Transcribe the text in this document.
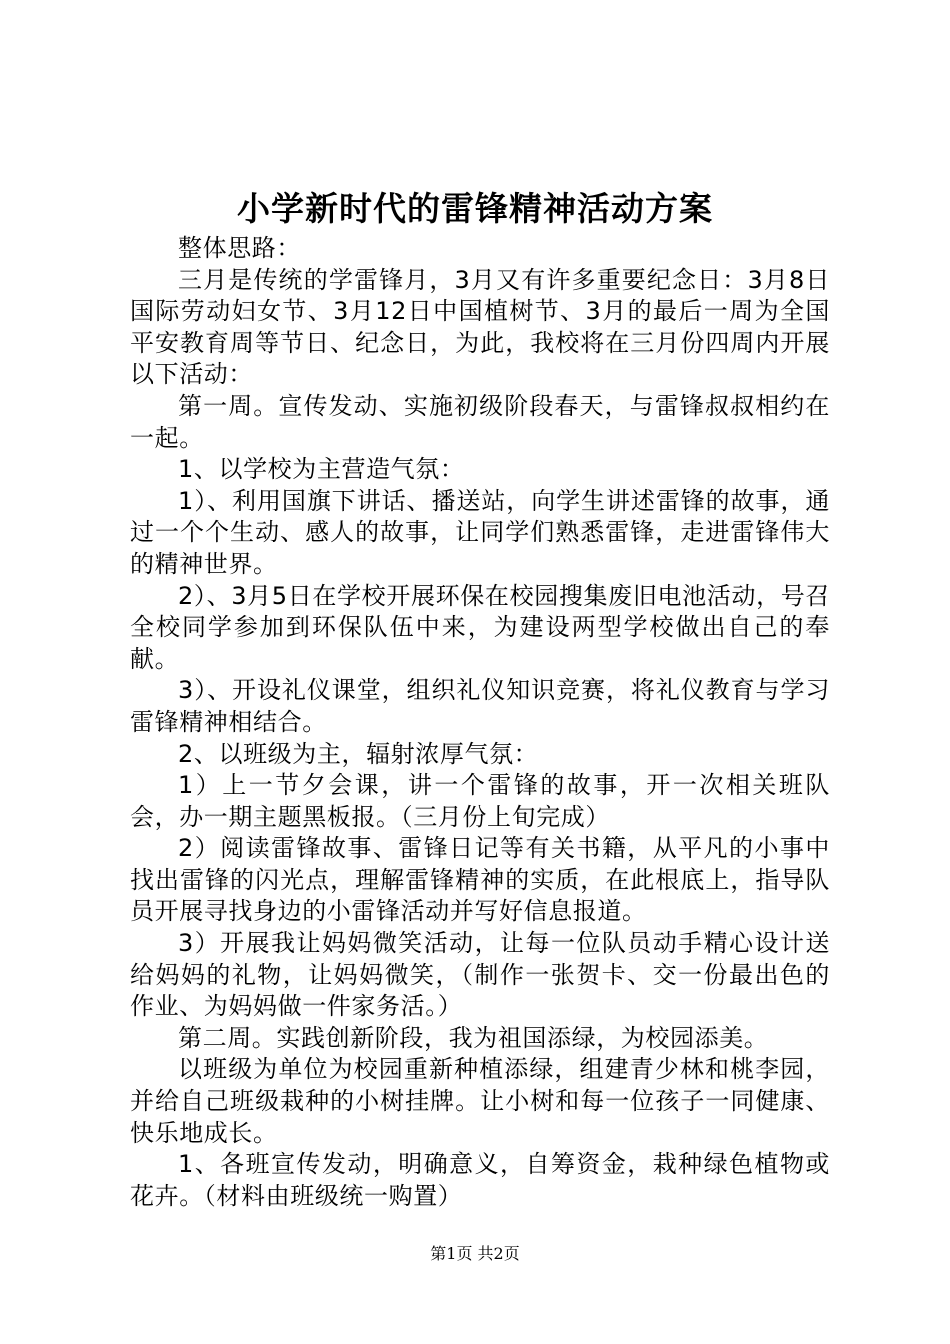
小学新时代的雷锋精神活动方案

整体思路：

三月是传统的学雷锋月，3月又有许多重要纪念日：3月8日国际劳动妇女节、3月12日中国植树节、3月的最后一周为全国平安教育周等节日、纪念日，为此，我校将在三月份四周内开展以下活动：

第一周。宣传发动、实施初级阶段春天，与雷锋叔叔相约在一起。

1、以学校为主营造气氛：

1）、利用国旗下讲话、播送站，向学生讲述雷锋的故事，通过一个个生动、感人的故事，让同学们熟悉雷锋，走进雷锋伟大的精神世界。

2）、3月5日在学校开展环保在校园搜集废旧电池活动，号召全校同学参加到环保队伍中来，为建设两型学校做出自己的奉献。

3）、开设礼仪课堂，组织礼仪知识竞赛，将礼仪教育与学习雷锋精神相结合。

2、以班级为主，辐射浓厚气氛：

1）上一节夕会课，讲一个雷锋的故事，开一次相关班队会，办一期主题黑板报。（三月份上旬完成）

2）阅读雷锋故事、雷锋日记等有关书籍，从平凡的小事中找出雷锋的闪光点，理解雷锋精神的实质，在此根底上，指导队员开展寻找身边的小雷锋活动并写好信息报道。

3）开展我让妈妈微笑活动，让每一位队员动手精心设计送给妈妈的礼物，让妈妈微笑，（制作一张贺卡、交一份最出色的作业、为妈妈做一件家务活。）

第二周。实践创新阶段，我为祖国添绿，为校园添美。

以班级为单位为校园重新种植添绿，组建青少林和桃李园，并给自己班级栽种的小树挂牌。让小树和每一位孩子一同健康、快乐地成长。

1、各班宣传发动，明确意义，自筹资金，栽种绿色植物或花卉。（材料由班级统一购置）

第1页 共2页
